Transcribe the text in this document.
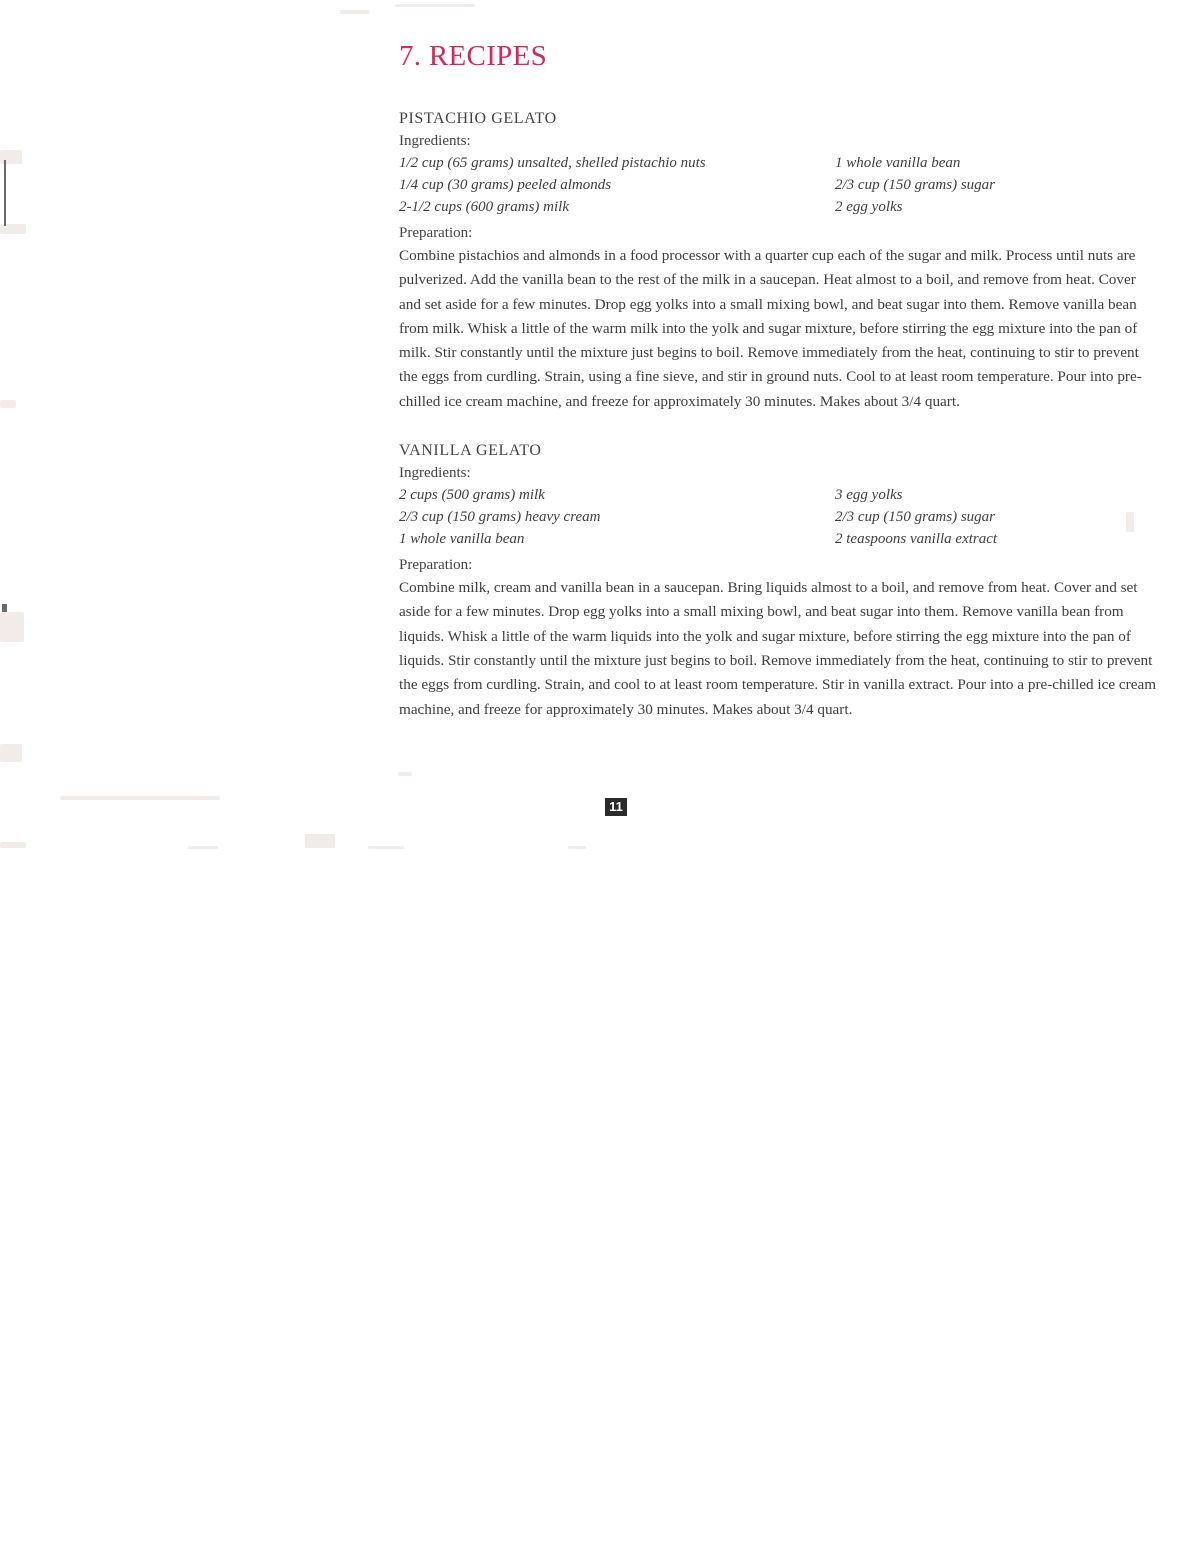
7. RECIPES
PISTACHIO GELATO

Ingredients:

1/2 cup (65 grams) unsalted, shelled pistachio nuts
1/4 cup (30 grams) peeled almonds
2-1/2 cups (600 grams) milk
1 whole vanilla bean
2/3 cup (150 grams) sugar
2 egg yolks

Preparation:

Combine pistachios and almonds in a food processor with a quarter cup each of the sugar and milk. Process until nuts are pulverized. Add the vanilla bean to the rest of the milk in a saucepan. Heat almost to a boil, and remove from heat. Cover and set aside for a few minutes. Drop egg yolks into a small mixing bowl, and beat sugar into them. Remove vanilla bean from milk. Whisk a little of the warm milk into the yolk and sugar mixture, before stirring the egg mixture into the pan of milk. Stir constantly until the mixture just begins to boil. Remove immediately from the heat, continuing to stir to prevent the eggs from curdling. Strain, using a fine sieve, and stir in ground nuts. Cool to at least room temperature. Pour into pre-chilled ice cream machine, and freeze for approximately 30 minutes. Makes about 3/4 quart.

VANILLA GELATO

Ingredients:

2 cups (500 grams) milk
2/3 cup (150 grams) heavy cream
1 whole vanilla bean
3 egg yolks
2/3 cup (150 grams) sugar
2 teaspoons vanilla extract

Preparation:

Combine milk, cream and vanilla bean in a saucepan. Bring liquids almost to a boil, and remove from heat. Cover and set aside for a few minutes. Drop egg yolks into a small mixing bowl, and beat sugar into them. Remove vanilla bean from liquids. Whisk a little of the warm liquids into the yolk and sugar mixture, before stirring the egg mixture into the pan of liquids. Stir constantly until the mixture just begins to boil. Remove immediately from the heat, continuing to stir to prevent the eggs from curdling. Strain, and cool to at least room temperature. Stir in vanilla extract. Pour into a pre-chilled ice cream machine, and freeze for approximately 30 minutes. Makes about 3/4 quart.

11
